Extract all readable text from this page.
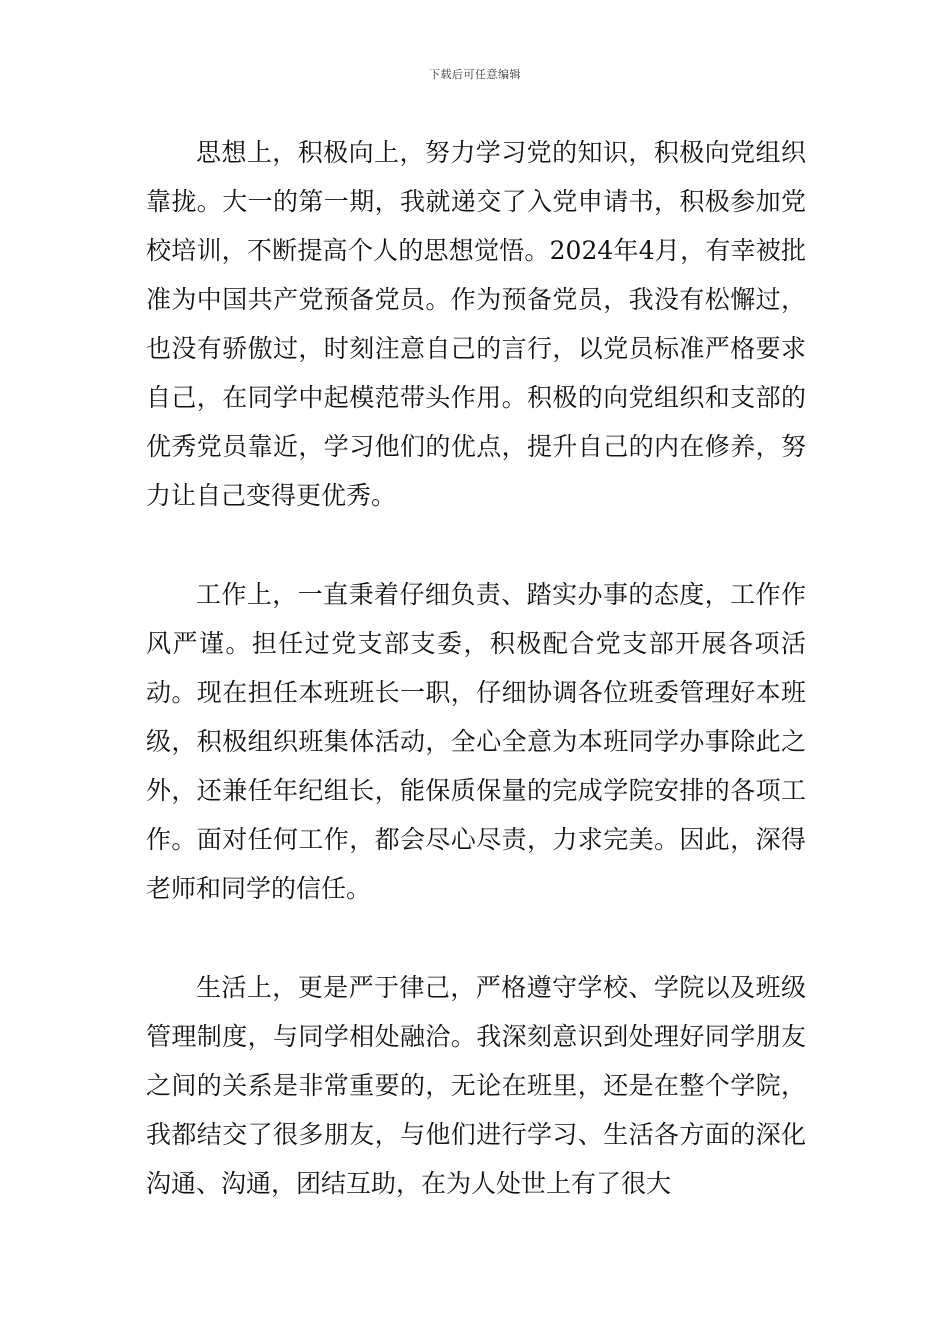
下载后可任意编辑

思想上，积极向上，努力学习党的知识，积极向党组织靠拢。大一的第一期，我就递交了入党申请书，积极参加党校培训，不断提高个人的思想觉悟。2024年4月，有幸被批准为中国共产党预备党员。作为预备党员，我没有松懈过，也没有骄傲过，时刻注意自己的言行，以党员标准严格要求自己，在同学中起模范带头作用。积极的向党组织和支部的优秀党员靠近，学习他们的优点，提升自己的内在修养，努力让自己变得更优秀。

工作上，一直秉着仔细负责、踏实办事的态度，工作作风严谨。担任过党支部支委，积极配合党支部开展各项活动。现在担任本班班长一职，仔细协调各位班委管理好本班级，积极组织班集体活动，全心全意为本班同学办事除此之外，还兼任年纪组长，能保质保量的完成学院安排的各项工作。面对任何工作，都会尽心尽责，力求完美。因此，深得老师和同学的信任。

生活上，更是严于律己，严格遵守学校、学院以及班级管理制度，与同学相处融洽。我深刻意识到处理好同学朋友之间的关系是非常重要的，无论在班里，还是在整个学院，我都结交了很多朋友，与他们进行学习、生活各方面的深化沟通、沟通，团结互助，在为人处世上有了很大
